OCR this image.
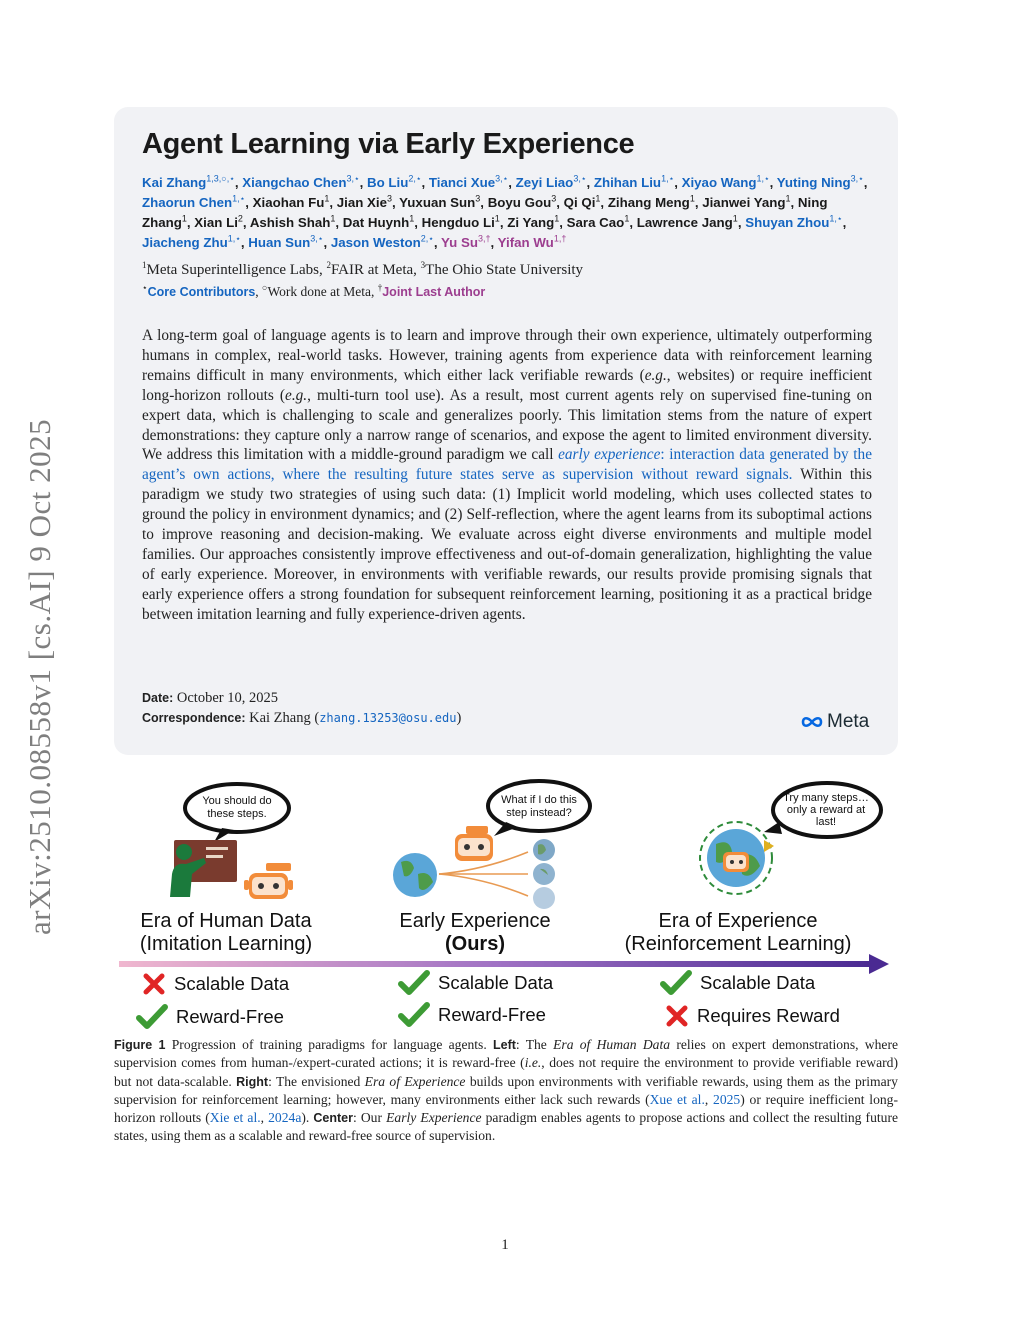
arXiv:2510.08558v1 [cs.AI] 9 Oct 2025
Agent Learning via Early Experience
Kai Zhang$^{1,3,○,⋆}$, Xiangchao Chen$^{3,⋆}$, Bo Liu$^{2,⋆}$, Tianci Xue$^{3,⋆}$, Zeyi Liao$^{3,⋆}$, Zhihan Liu$^{1,⋆}$, Xiyao Wang$^{1,⋆}$, Yuting Ning$^{3,⋆}$, Zhaorun Chen$^{1,⋆}$, Xiaohan Fu$^1$, Jian Xie$^3$, Yuxuan Sun$^3$, Boyu Gou$^3$, Qi Qi$^1$, Zihang Meng$^1$, Jianwei Yang$^1$, Ning Zhang$^1$, Xian Li$^2$, Ashish Shah$^1$, Dat Huynh$^1$, Hengduo Li$^1$, Zi Yang$^1$, Sara Cao$^1$, Lawrence Jang$^1$, Shuyan Zhou$^{1,⋆}$, Jiacheng Zhu$^{1,⋆}$, Huan Sun$^{3,⋆}$, Jason Weston$^{2,⋆}$, Yu $Su^{3,\dagger}$, Yifan $Wu^{1,\dagger}$
$^1$Meta Superintelligence Labs, $^2$FAIR at Meta, $^3$The Ohio State University
⋆Core Contributors, ○Work done at Meta, †Joint Last Author

A long-term goal of language agents is to learn and improve through their own experience, ultimately outperforming humans in complex, real-world tasks. However, training agents from experience data with reinforcement learning remains difficult in many environments, which either lack verifiable rewards (e.g., websites) or require inefficient long-horizon rollouts (e.g., multi-turn tool use). As a result, most current agents rely on supervised fine-tuning on expert data, which is challenging to scale and generalizes poorly. This limitation stems from the nature of expert demonstrations: they capture only a narrow range of scenarios, and expose the agent to limited environment diversity. We address this limitation with a middle-ground paradigm we call early experience: interaction data generated by the agent’s own actions, where the resulting future states serve as supervision without reward signals. Within this paradigm we study two strategies of using such data: (1) Implicit world modeling, which uses collected states to ground the policy in environment dynamics; and (2) Self-reflection, where the agent learns from its suboptimal actions to improve reasoning and decision-making. We evaluate across eight diverse environments and multiple model families. Our approaches consistently improve effectiveness and out-of-domain generalization, highlighting the value of early experience. Moreover, in environments with verifiable rewards, our results provide promising signals that early experience offers a strong foundation for subsequent reinforcement learning, positioning it as a practical bridge between imitation learning and fully experience-driven agents.

Date: October 10, 2025
Correspondence: Kai Zhang (zhang.13253@osu.edu)	Meta
You should do
these steps.
What if I do this
step instead?
Try many steps…
only a reward at
last!
Era of Human Data
(Imitation Learning)
Early Experience
(Ours)
Era of Experience
(Reinforcement Learning)
Scalable Data
Reward-Free
Scalable Data
Reward-Free
Scalable Data
Requires Reward

Figure 1 Progression of training paradigms for language agents. Left: The Era of Human Data relies on expert demonstrations, where supervision comes from human-/expert-curated actions; it is reward-free (i.e., does not require the environment to provide verifiable reward) but not data-scalable. Right: The envisioned Era of Experience builds upon environments with verifiable rewards, using them as the primary supervision for reinforcement learning; however, many environments either lack such rewards (Xue et al., 2025) or require inefficient long-horizon rollouts (Xie et al., 2024a). Center: Our Early Experience paradigm enables agents to propose actions and collect the resulting future states, using them as a scalable and reward-free source of supervision.

1
